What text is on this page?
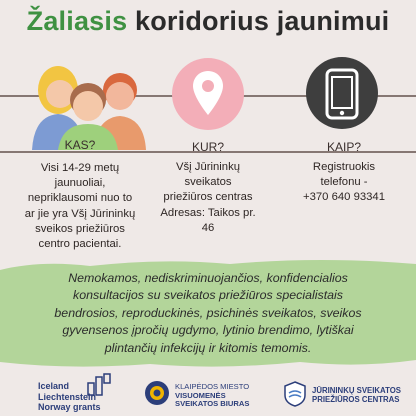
Žaliasis koridorius jaunimui
KAS?
Visi 14-29 metų
jaunuoliai,
nepriklausomi nuo to
ar jie yra Všį Jūrininkų
sveikos priežiūros
centro pacientai.
KUR?
Všį Jūrininkų
sveikatos
priežiūros centras
Adresas: Taikos pr.
46
KAIP?
Registruokis
telefonu -
+370 640 93341
Nemokamos, nediskriminuojančios, konfidencialios
konsultacijos su sveikatos priežiūros specialistais
bendrosios, reproduckinės, psichinės sveikatos, sveikos
gyvensenos įpročių ugdymo, lytinio brendimo, lytiškai
plintančių infekcijų ir kitomis temomis.
Iceland
Liechtenstein
Norway grants
KLAIPĖDOS MIESTO
VISUOMENĖS
SVEIKATOS BIURAS
JŪRININKŲ SVEIKATOS
PRIEŽIŪROS CENTRAS
